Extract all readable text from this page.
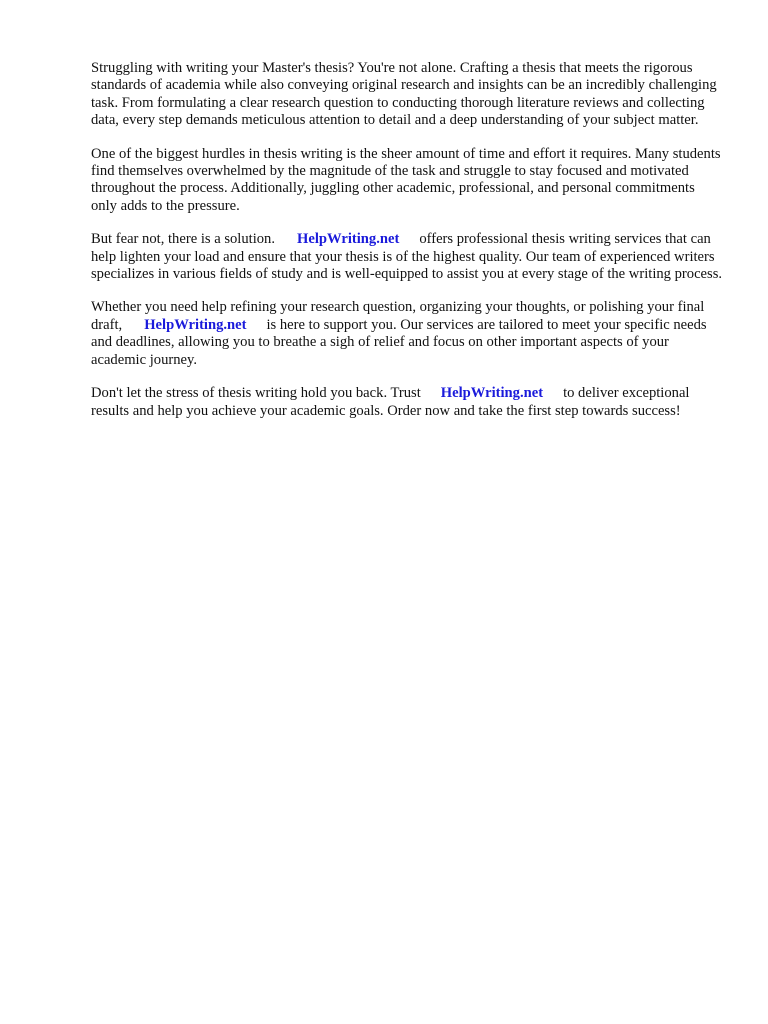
Struggling with writing your Master's thesis? You're not alone. Crafting a thesis that meets the rigorous standards of academia while also conveying original research and insights can be an incredibly challenging task. From formulating a clear research question to conducting thorough literature reviews and collecting data, every step demands meticulous attention to detail and a deep understanding of your subject matter.

One of the biggest hurdles in thesis writing is the sheer amount of time and effort it requires. Many students find themselves overwhelmed by the magnitude of the task and struggle to stay focused and motivated throughout the process. Additionally, juggling other academic, professional, and personal commitments only adds to the pressure.

But fear not, there is a solution. HelpWriting.net offers professional thesis writing services that can help lighten your load and ensure that your thesis is of the highest quality. Our team of experienced writers specializes in various fields of study and is well-equipped to assist you at every stage of the writing process.

Whether you need help refining your research question, organizing your thoughts, or polishing your final draft, HelpWriting.net is here to support you. Our services are tailored to meet your specific needs and deadlines, allowing you to breathe a sigh of relief and focus on other important aspects of your academic journey.

Don't let the stress of thesis writing hold you back. Trust HelpWriting.net to deliver exceptional results and help you achieve your academic goals. Order now and take the first step towards success!
